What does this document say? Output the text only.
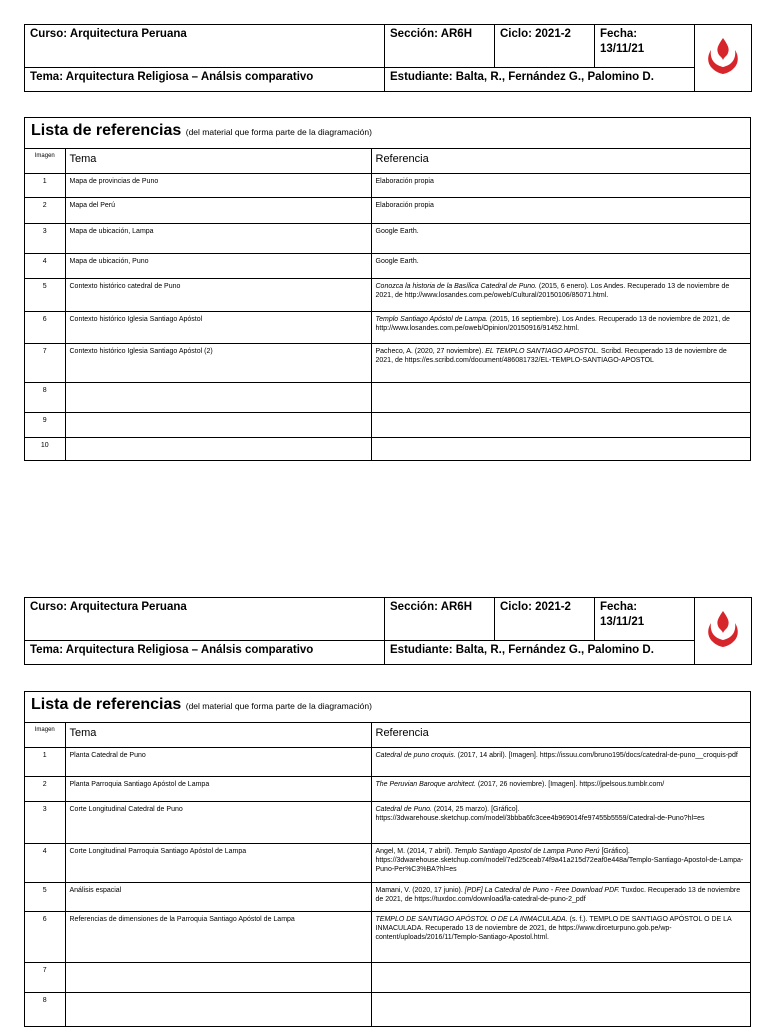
Curso: Arquitectura Peruana	Sección: AR6H	Ciclo: 2021-2	Fecha:
13/11/21	
Tema: Arquitectura Religiosa – Análsis comparativo	Estudiante: Balta, R., Fernández G., Palomino D.			
Lista de referencias (del material que forma parte de la diagramación)
Imagen	Tema	Referencia
1	Mapa de provincias de Puno	Elaboración propia
2	Mapa del Perú	Elaboración propia
3	Mapa de ubicación, Lampa	Google Earth.
4	Mapa de ubicación, Puno	Google Earth.
5	Contexto histórico catedral de Puno	Conozca la historia de la Basílica Catedral de Puno. (2015, 6 enero). Los Andes. Recuperado 13 de noviembre de 2021, de http://www.losandes.com.pe/oweb/Cultural/20150106/85071.html.
6	Contexto histórico Iglesia Santiago Apóstol	Templo Santiago Apóstol de Lampa. (2015, 16 septiembre). Los Andes. Recuperado 13 de noviembre de 2021, de http://www.losandes.com.pe/oweb/Opinion/20150916/91452.html.
7	Contexto histórico Iglesia Santiago Apóstol (2)	Pacheco, A. (2020, 27 noviembre). EL TEMPLO SANTIAGO APOSTOL. Scribd. Recuperado 13 de noviembre de 2021, de https://es.scribd.com/document/486081732/EL-TEMPLO-SANTIAGO-APOSTOL
8		
9		
10		
Curso: Arquitectura Peruana	Sección: AR6H	Ciclo: 2021-2	Fecha:
13/11/21	
Tema: Arquitectura Religiosa – Análsis comparativo	Estudiante: Balta, R., Fernández G., Palomino D.			
Lista de referencias (del material que forma parte de la diagramación)
Imagen	Tema	Referencia
1	Planta Catedral de Puno	Catedral de puno croquis. (2017, 14 abril). [Imagen]. https://issuu.com/bruno195/docs/catedral-de-puno__croquis-pdf
2	Planta Parroquia Santiago Apóstol de Lampa	The Peruvian Baroque architect. (2017, 26 noviembre). [Imagen]. https://jpelsous.tumblr.com/
3	Corte Longitudinal Catedral de Puno	Catedral de Puno. (2014, 25 marzo). [Gráfico]. https://3dwarehouse.sketchup.com/model/3bbba6fc3cee4b969014fe97455b5559/Catedral-de-Puno?hl=es
4	Corte Longitudinal Parroquia Santiago Apóstol de Lampa	Angel, M. (2014, 7 abril). Templo Santiago Apostol de Lampa Puno Perú [Gráfico]. https://3dwarehouse.sketchup.com/model/7ed25ceab74f9a41a215d72eaf0e448a/Templo-Santiago-Apostol-de-Lampa-Puno-Per%C3%BA?hl=es
5	Análisis espacial	Mamani, V. (2020, 17 junio). [PDF] La Catedral de Puno - Free Download PDF. Tuxdoc. Recuperado 13 de noviembre de 2021, de https://tuxdoc.com/download/la-catedral-de-puno-2_pdf
6	Referencias de dimensiones de la Parroquia Santiago Apóstol de Lampa	TEMPLO DE SANTIAGO APÓSTOL O DE LA INMACULADA. (s. f.). TEMPLO DE SANTIAGO APÓSTOL O DE LA INMACULADA. Recuperado 13 de noviembre de 2021, de https://www.dirceturpuno.gob.pe/wp-content/uploads/2016/11/Templo-Santiago-Apostol.html.
7		
8		
